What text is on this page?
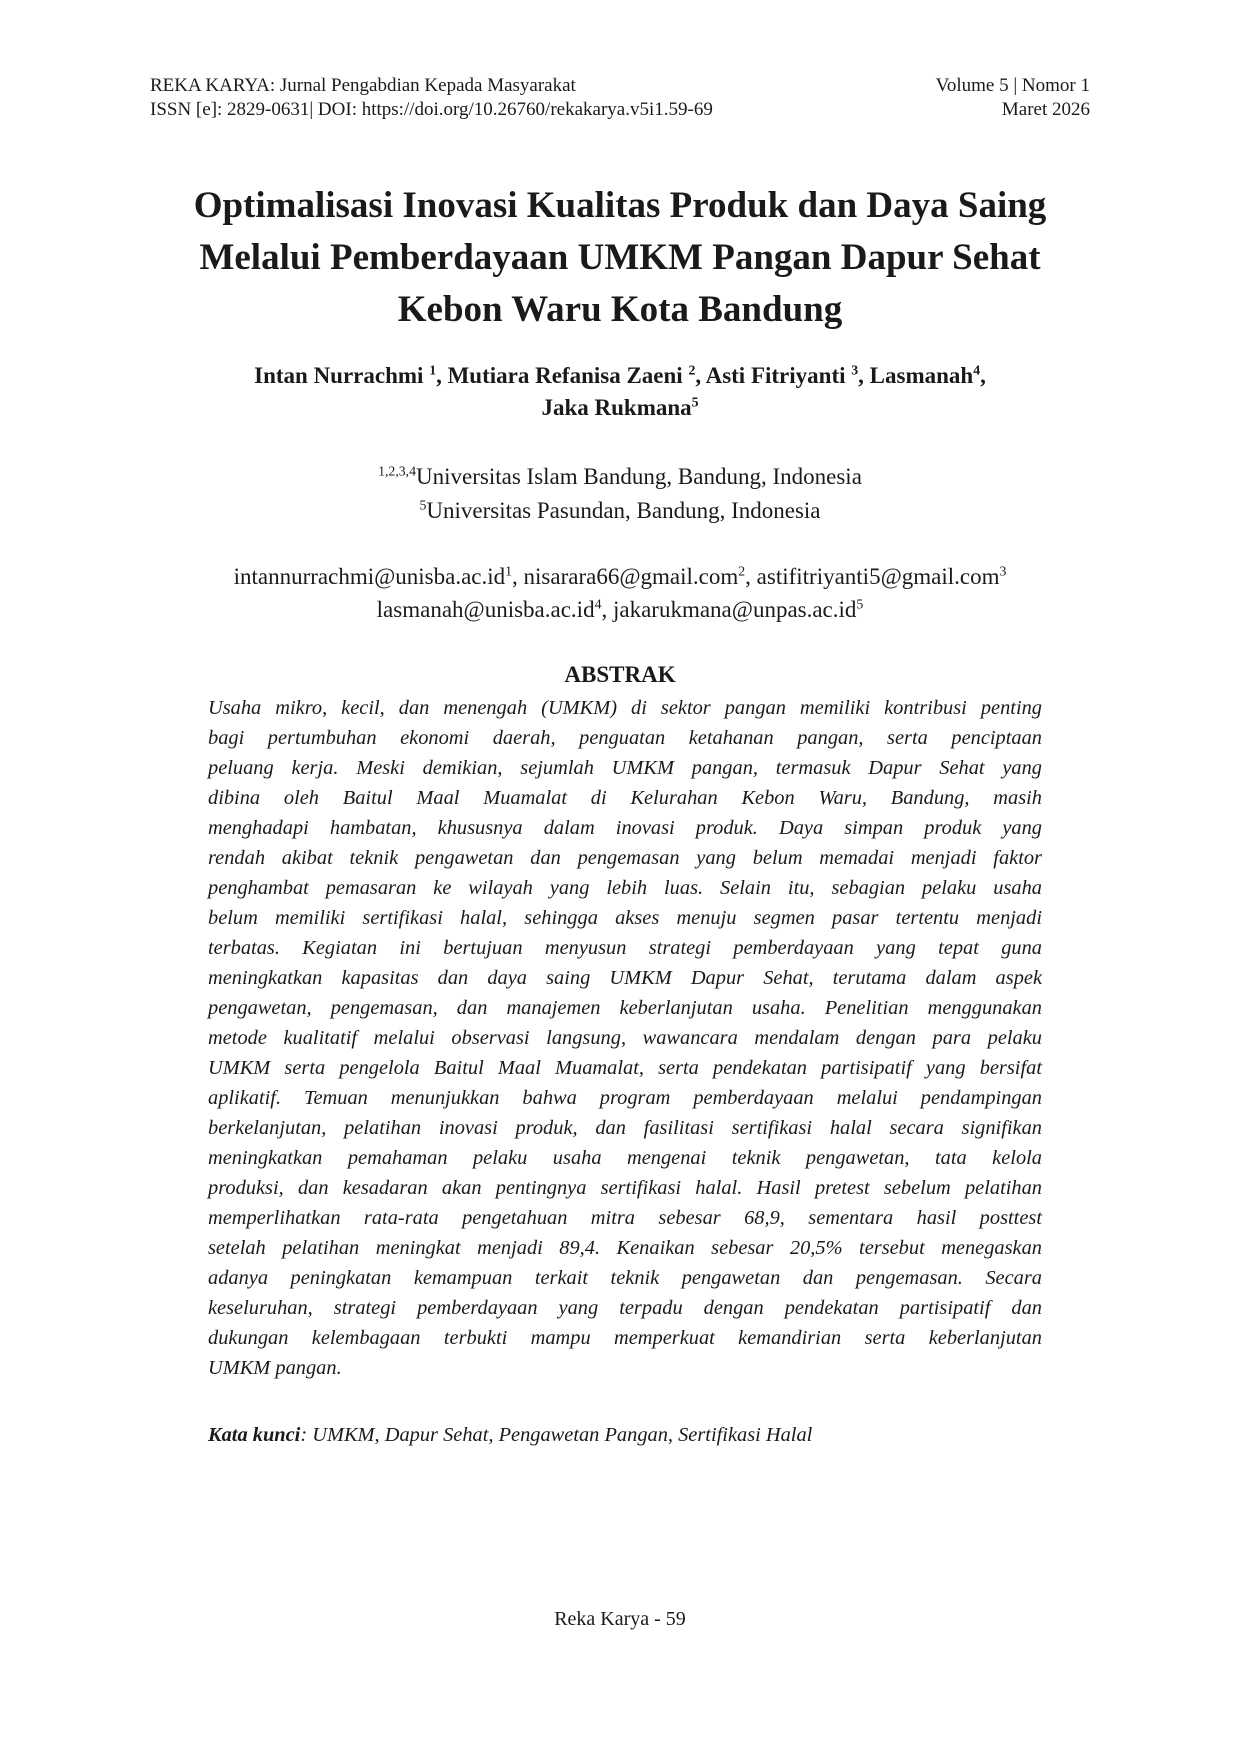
REKA KARYA: Jurnal Pengabdian Kepada Masyarakat	Volume 5 | Nomor 1
ISSN [e]: 2829-0631| DOI: https://doi.org/10.26760/rekakarya.v5i1.59-69	Maret 2026
Optimalisasi Inovasi Kualitas Produk dan Daya Saing
Melalui Pemberdayaan UMKM Pangan Dapur Sehat
Kebon Waru Kota Bandung
Intan Nurrachmi $^1$, Mutiara Refanisa Zaeni $^2$, Asti Fitriyanti $^3$, Lasmanah$^4$,
Jaka Rukmana$^5$
$^{1,2,3,4}$Universitas Islam Bandung, Bandung, Indonesia
$^5$Universitas Pasundan, Bandung, Indonesia
$intannurrachmi@unisba.ac.id^1$, nisarara66@gmail.com$^2$, astifitriyanti5@gmail.com$^3$
$lasmanah@unisba.ac.id^4$, $jakarukmana@unpas.ac.id^5$
ABSTRAK
Usaha mikro, kecil, dan menengah (UMKM) di sektor pangan memiliki kontribusi penting
bagi pertumbuhan ekonomi daerah, penguatan ketahanan pangan, serta penciptaan
peluang kerja. Meski demikian, sejumlah UMKM pangan, termasuk Dapur Sehat yang
dibina oleh Baitul Maal Muamalat di Kelurahan Kebon Waru, Bandung, masih
menghadapi hambatan, khususnya dalam inovasi produk. Daya simpan produk yang
rendah akibat teknik pengawetan dan pengemasan yang belum memadai menjadi faktor
penghambat pemasaran ke wilayah yang lebih luas. Selain itu, sebagian pelaku usaha
belum memiliki sertifikasi halal, sehingga akses menuju segmen pasar tertentu menjadi
terbatas. Kegiatan ini bertujuan menyusun strategi pemberdayaan yang tepat guna
meningkatkan kapasitas dan daya saing UMKM Dapur Sehat, terutama dalam aspek
pengawetan, pengemasan, dan manajemen keberlanjutan usaha. Penelitian menggunakan
metode kualitatif melalui observasi langsung, wawancara mendalam dengan para pelaku
UMKM serta pengelola Baitul Maal Muamalat, serta pendekatan partisipatif yang bersifat
aplikatif. Temuan menunjukkan bahwa program pemberdayaan melalui pendampingan
berkelanjutan, pelatihan inovasi produk, dan fasilitasi sertifikasi halal secara signifikan
meningkatkan pemahaman pelaku usaha mengenai teknik pengawetan, tata kelola
produksi, dan kesadaran akan pentingnya sertifikasi halal. Hasil pretest sebelum pelatihan
memperlihatkan rata-rata pengetahuan mitra sebesar 68,9, sementara hasil posttest
setelah pelatihan meningkat menjadi 89,4. Kenaikan sebesar 20,5% tersebut menegaskan
adanya peningkatan kemampuan terkait teknik pengawetan dan pengemasan. Secara
keseluruhan, strategi pemberdayaan yang terpadu dengan pendekatan partisipatif dan
dukungan kelembagaan terbukti mampu memperkuat kemandirian serta keberlanjutan
UMKM pangan.
Kata kunci: UMKM, Dapur Sehat, Pengawetan Pangan, Sertifikasi Halal
Reka Karya - 59
